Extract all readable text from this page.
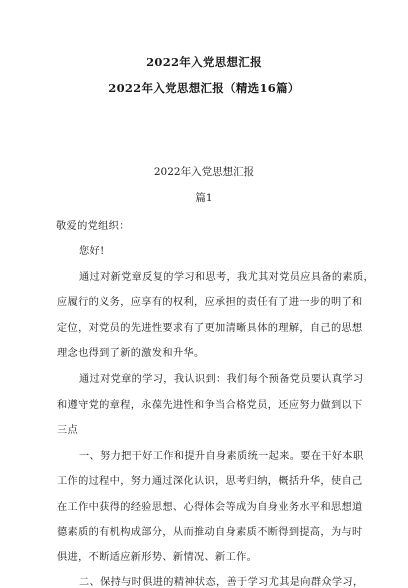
2022年入党思想汇报
2022年入党思想汇报（精选16篇）
2022年入党思想汇报
篇1
敬爱的党组织：
您好!
通过对新党章反复的学习和思考，我尤其对党员应具备的素质，
应履行的义务，应享有的权利，应承担的责任有了进一步的明了和
定位，对党员的先进性要求有了更加清晰具体的理解，自己的思想
理念也得到了新的激发和升华。
通过对党章的学习，我认识到：我们每个预备党员要认真学习
和遵守党的章程，永葆先进性和争当合格党员，还应努力做到以下
三点
一、努力把干好工作和提升自身素质统一起来。要在干好本职
工作的过程中，努力通过深化认识，思考归纳，概括升华，使自己
在工作中获得的经验思想、心得体会等成为自身业务水平和思想道
德素质的有机构成部分，从而推动自身素质不断得到提高，为与时
俱进，不断适应新形势、新情况、新工作。
二、保持与时俱进的精神状态，善于学习尤其是向群众学习，
